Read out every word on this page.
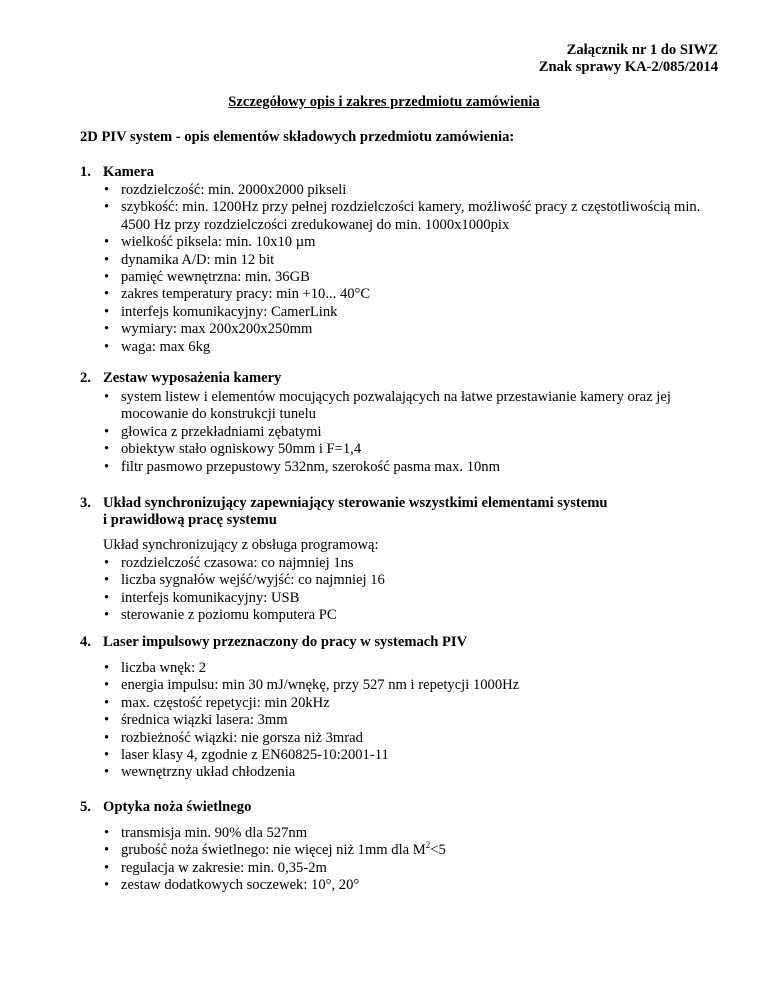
Załącznik nr 1 do SIWZ
Znak sprawy KA-2/085/2014
Szczegółowy opis i zakres przedmiotu zamówienia
2D PIV system - opis elementów składowych przedmiotu zamówienia:
1. Kamera
• rozdzielczość: min. 2000x2000 pikseli
• szybkość: min. 1200Hz przy pełnej rozdzielczości kamery, możliwość pracy z częstotliwością min. 4500 Hz przy rozdzielczości zredukowanej do min. 1000x1000pix
• wielkość piksela: min. 10x10 µm
• dynamika A/D: min 12 bit
• pamięć wewnętrzna: min. 36GB
• zakres temperatury pracy: min +10... 40°C
• interfejs komunikacyjny: CamerLink
• wymiary: max 200x200x250mm
• waga: max 6kg
2. Zestaw wyposażenia kamery
• system listew i elementów mocujących pozwalających na łatwe przestawianie kamery oraz jej mocowanie do konstrukcji tunelu
• głowica z przekładniami zębatymi
• obiektyw stało ogniskowy 50mm i F=1,4
• filtr pasmowo przepustowy 532nm, szerokość pasma max. 10nm
3. Układ synchronizujący zapewniający sterowanie wszystkimi elementami systemu
i prawidłową pracę systemu
Układ synchronizujący z obsługa programową:
• rozdzielczość czasowa: co najmniej 1ns
• liczba sygnałów wejść/wyjść: co najmniej 16
• interfejs komunikacyjny: USB
• sterowanie z poziomu komputera PC
4. Laser impulsowy przeznaczony do pracy w systemach PIV
• liczba wnęk: 2
• energia impulsu: min 30 mJ/wnękę, przy 527 nm i repetycji 1000Hz
• max. częstość repetycji: min 20kHz
• średnica wiązki lasera: 3mm
• rozbieżność wiązki: nie gorsza niż 3mrad
• laser klasy 4, zgodnie z EN60825-10:2001-11
• wewnętrzny układ chłodzenia
5. Optyka noża świetlnego
• transmisja min. 90% dla 527nm
• grubość noża świetlnego: nie więcej niż 1mm dla $M^2<5$
• regulacja w zakresie: min. 0,35-2m
• zestaw dodatkowych soczewek: 10°, 20°
